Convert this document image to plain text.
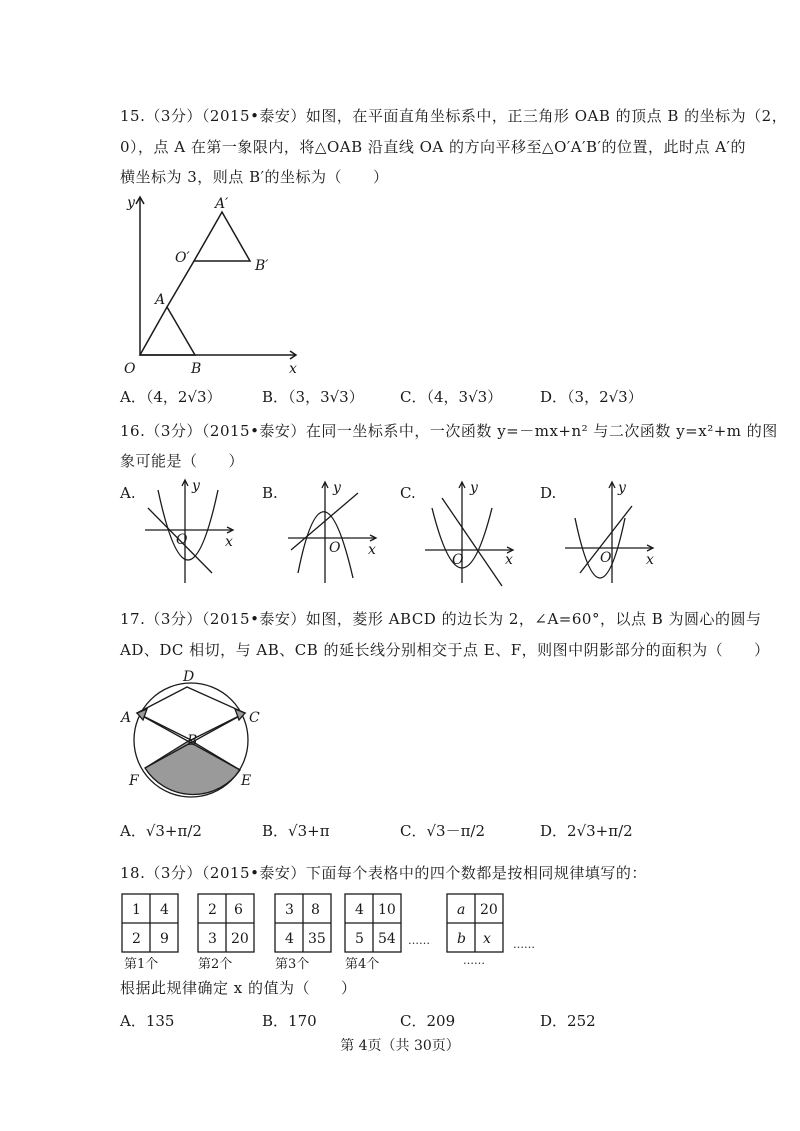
15.（3分）（2015•泰安）如图，在平面直角坐标系中，正三角形 OAB 的顶点 B 的坐标为（2，
0），点 A 在第一象限内，将△OAB 沿直线 OA 的方向平移至△O′A′B′的位置，此时点 A′的
横坐标为 3，则点 B′的坐标为（　　）
y
x
O	B
A
O′
A′
B′
A．（4，2√3）	B．（3，3√3） C．（4，3√3）	D．（3，2√3）
16.（3分）（2015•泰安）在同一坐标系中，一次函数 y=－mx+n² 与二次函数 y=x²+m 的图
象可能是（　　）
A.	B.	C.	D.
y
x
O
y
x
O
y
x
O
y
x
O
17.（3分）（2015•泰安）如图，菱形 ABCD 的边长为 2，∠A=60°，以点 B 为圆心的圆与
AD、DC 相切，与 AB、CB 的延长线分别相交于点 E、F，则图中阴影部分的面积为（　　）
D
A	C
B
F	E
A．√3+π/2	B．√3+π	C．√3－π/2	D．2√3+π/2
18.（3分）（2015•泰安）下面每个表格中的四个数都是按相同规律填写的：
1 4
2 9
2 6
3 20
3 8
4 35
4 10
5 54
a 20
b x
……	……
……
第1个	第2个	第3个	第4个
根据此规律确定 x 的值为（　　）
A．135	B．170	C．209	D．252
第 4页（共 30页）
